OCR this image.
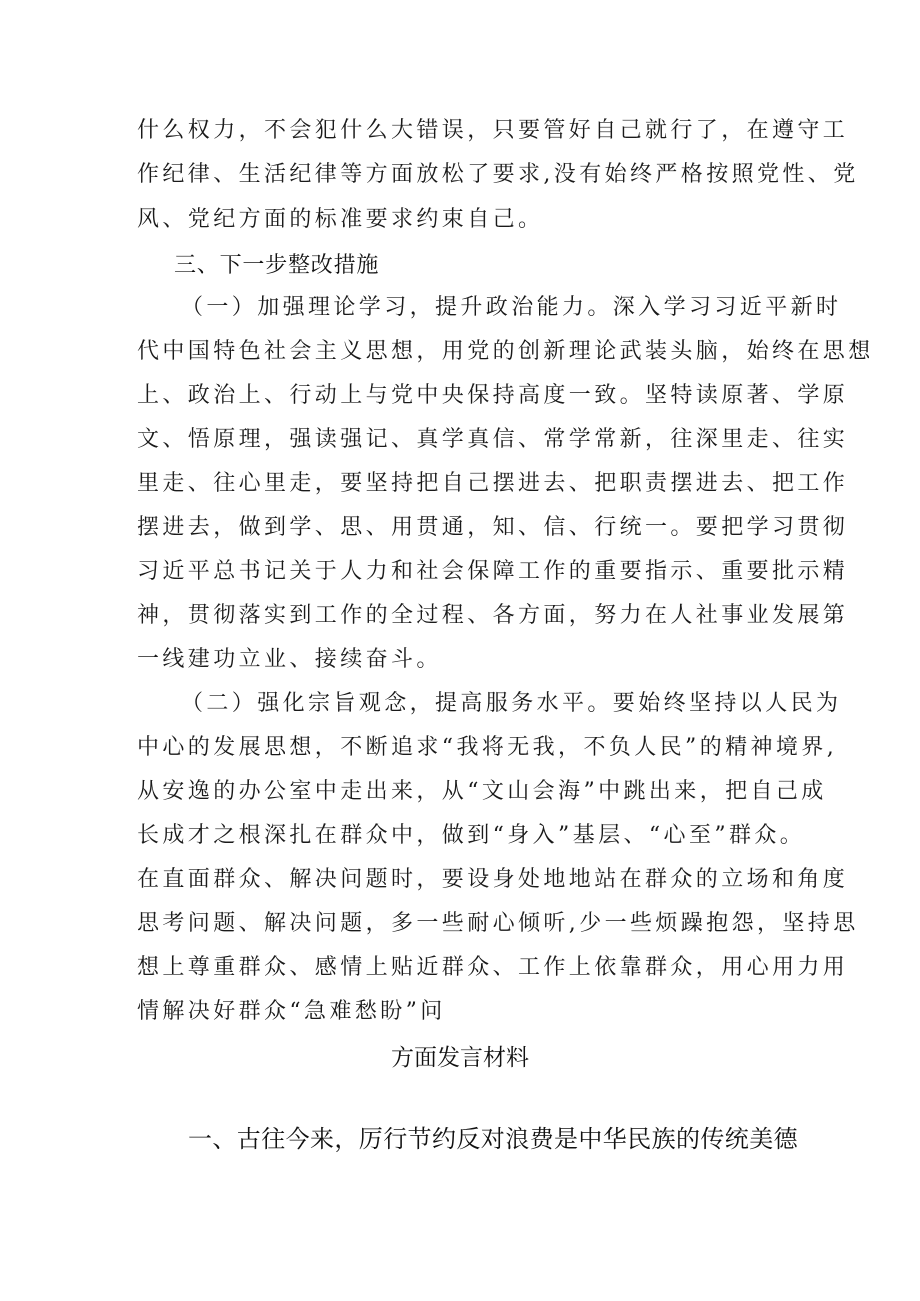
什么权力，不会犯什么大错误，只要管好自己就行了，在遵守工
作纪律、生活纪律等方面放松了要求,没有始终严格按照党性、党
风、党纪方面的标准要求约束自己。
三、下一步整改措施
（一）加强理论学习，提升政治能力。深入学习习近平新时
代中国特色社会主义思想，用党的创新理论武装头脑，始终在思想
上、政治上、行动上与党中央保持高度一致。坚特读原著、学原
文、悟原理，强读强记、真学真信、常学常新，往深里走、往实
里走、往心里走，要坚持把自己摆进去、把职责摆进去、把工作
摆进去，做到学、思、用贯通，知、信、行统一。要把学习贯彻
习近平总书记关于人力和社会保障工作的重要指示、重要批示精
神，贯彻落实到工作的全过程、各方面，努力在人社事业发展第
一线建功立业、接续奋斗。
（二）强化宗旨观念，提高服务水平。要始终坚持以人民为
中心的发展思想，不断追求“我将无我，不负人民”的精神境界,
从安逸的办公室中走出来，从“文山会海”中跳出来，把自己成
长成才之根深扎在群众中，做到“身入”基层、“心至”群众。
在直面群众、解决问题时，要设身处地地站在群众的立场和角度
思考问题、解决问题，多一些耐心倾听,少一些烦躁抱怨，坚持思
想上尊重群众、感情上贴近群众、工作上依靠群众，用心用力用
情解决好群众“急难愁盼”问
方面发言材料
一、古往今来，厉行节约反对浪费是中华民族的传统美德
